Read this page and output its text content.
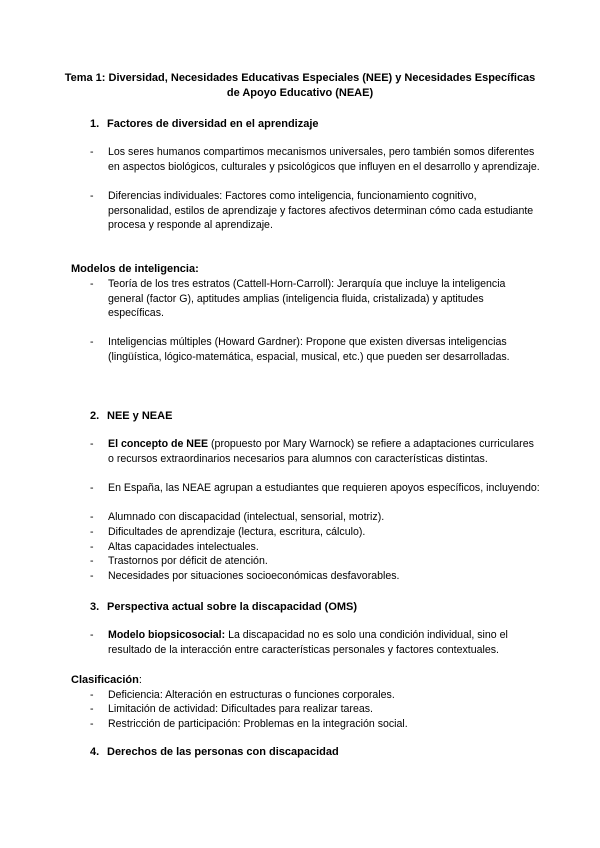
Tema 1: Diversidad, Necesidades Educativas Especiales (NEE) y Necesidades Específicas de Apoyo Educativo (NEAE)
1. Factores de diversidad en el aprendizaje
- Los seres humanos compartimos mecanismos universales, pero también somos diferentes en aspectos biológicos, culturales y psicológicos que influyen en el desarrollo y aprendizaje.
- Diferencias individuales: Factores como inteligencia, funcionamiento cognitivo, personalidad, estilos de aprendizaje y factores afectivos determinan cómo cada estudiante procesa y responde al aprendizaje.
Modelos de inteligencia:
- Teoría de los tres estratos (Cattell-Horn-Carroll): Jerarquía que incluye la inteligencia general (factor G), aptitudes amplias (inteligencia fluida, cristalizada) y aptitudes específicas.
- Inteligencias múltiples (Howard Gardner): Propone que existen diversas inteligencias (lingüística, lógico-matemática, espacial, musical, etc.) que pueden ser desarrolladas.
2. NEE y NEAE
- El concepto de NEE (propuesto por Mary Warnock) se refiere a adaptaciones curriculares o recursos extraordinarios necesarios para alumnos con características distintas.
- En España, las NEAE agrupan a estudiantes que requieren apoyos específicos, incluyendo:
- Alumnado con discapacidad (intelectual, sensorial, motriz).
- Dificultades de aprendizaje (lectura, escritura, cálculo).
- Altas capacidades intelectuales.
- Trastornos por déficit de atención.
- Necesidades por situaciones socioeconómicas desfavorables.
3. Perspectiva actual sobre la discapacidad (OMS)
- Modelo biopsicosocial: La discapacidad no es solo una condición individual, sino el resultado de la interacción entre características personales y factores contextuales.
Clasificación:
- Deficiencia: Alteración en estructuras o funciones corporales.
- Limitación de actividad: Dificultades para realizar tareas.
- Restricción de participación: Problemas en la integración social.
4. Derechos de las personas con discapacidad
